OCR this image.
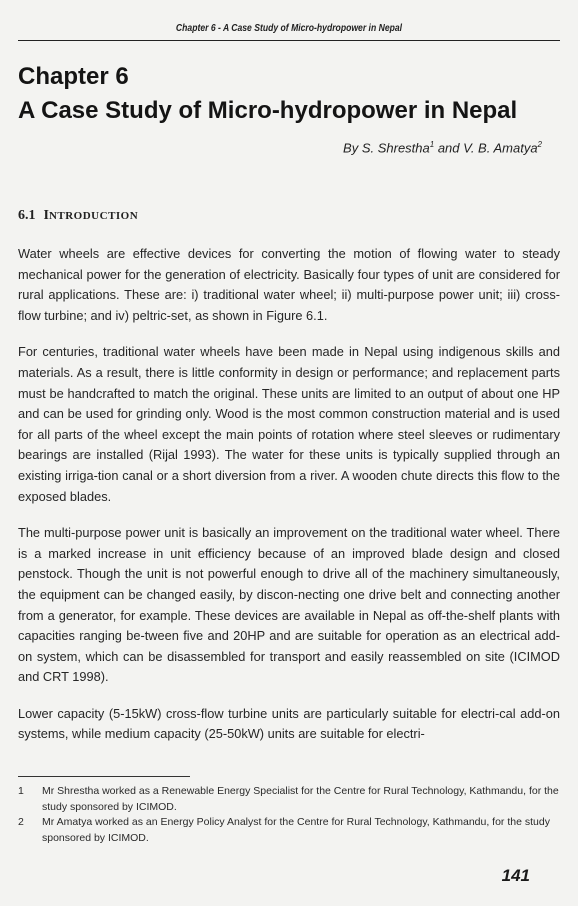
Chapter 6 - A Case Study of Micro-hydropower in Nepal
Chapter 6
A Case Study of Micro-hydropower in Nepal
By S. Shrestha$^1$ and V. B. Amatya$^2$
6.1 INTRODUCTION

Water wheels are effective devices for converting the motion of flowing water to steady mechanical power for the generation of electricity. Basically four types of unit are considered for rural applications. These are: i) traditional water wheel; ii) multi-purpose power unit; iii) cross-flow turbine; and iv) peltric-set, as shown in Figure 6.1.

For centuries, traditional water wheels have been made in Nepal using indigenous skills and materials. As a result, there is little conformity in design or performance; and replacement parts must be handcrafted to match the original. These units are limited to an output of about one HP and can be used for grinding only. Wood is the most common construction material and is used for all parts of the wheel except the main points of rotation where steel sleeves or rudimentary bearings are installed (Rijal 1993). The water for these units is typically supplied through an existing irriga-tion canal or a short diversion from a river. A wooden chute directs this flow to the exposed blades.

The multi-purpose power unit is basically an improvement on the traditional water wheel. There is a marked increase in unit efficiency because of an improved blade design and closed penstock. Though the unit is not powerful enough to drive all of the machinery simultaneously, the equipment can be changed easily, by discon-necting one drive belt and connecting another from a generator, for example. These devices are available in Nepal as off-the-shelf plants with capacities ranging be-tween five and 20HP and are suitable for operation as an electrical add-on system, which can be disassembled for transport and easily reassembled on site (ICIMOD and CRT 1998).

Lower capacity (5-15kW) cross-flow turbine units are particularly suitable for electri-cal add-on systems, while medium capacity (25-50kW) units are suitable for electri-

1	Mr Shrestha worked as a Renewable Energy Specialist for the Centre for Rural Technology, Kathmandu, for the study sponsored by ICIMOD.
2	Mr Amatya worked as an Energy Policy Analyst for the Centre for Rural Technology, Kathmandu, for the study sponsored by ICIMOD.
141
